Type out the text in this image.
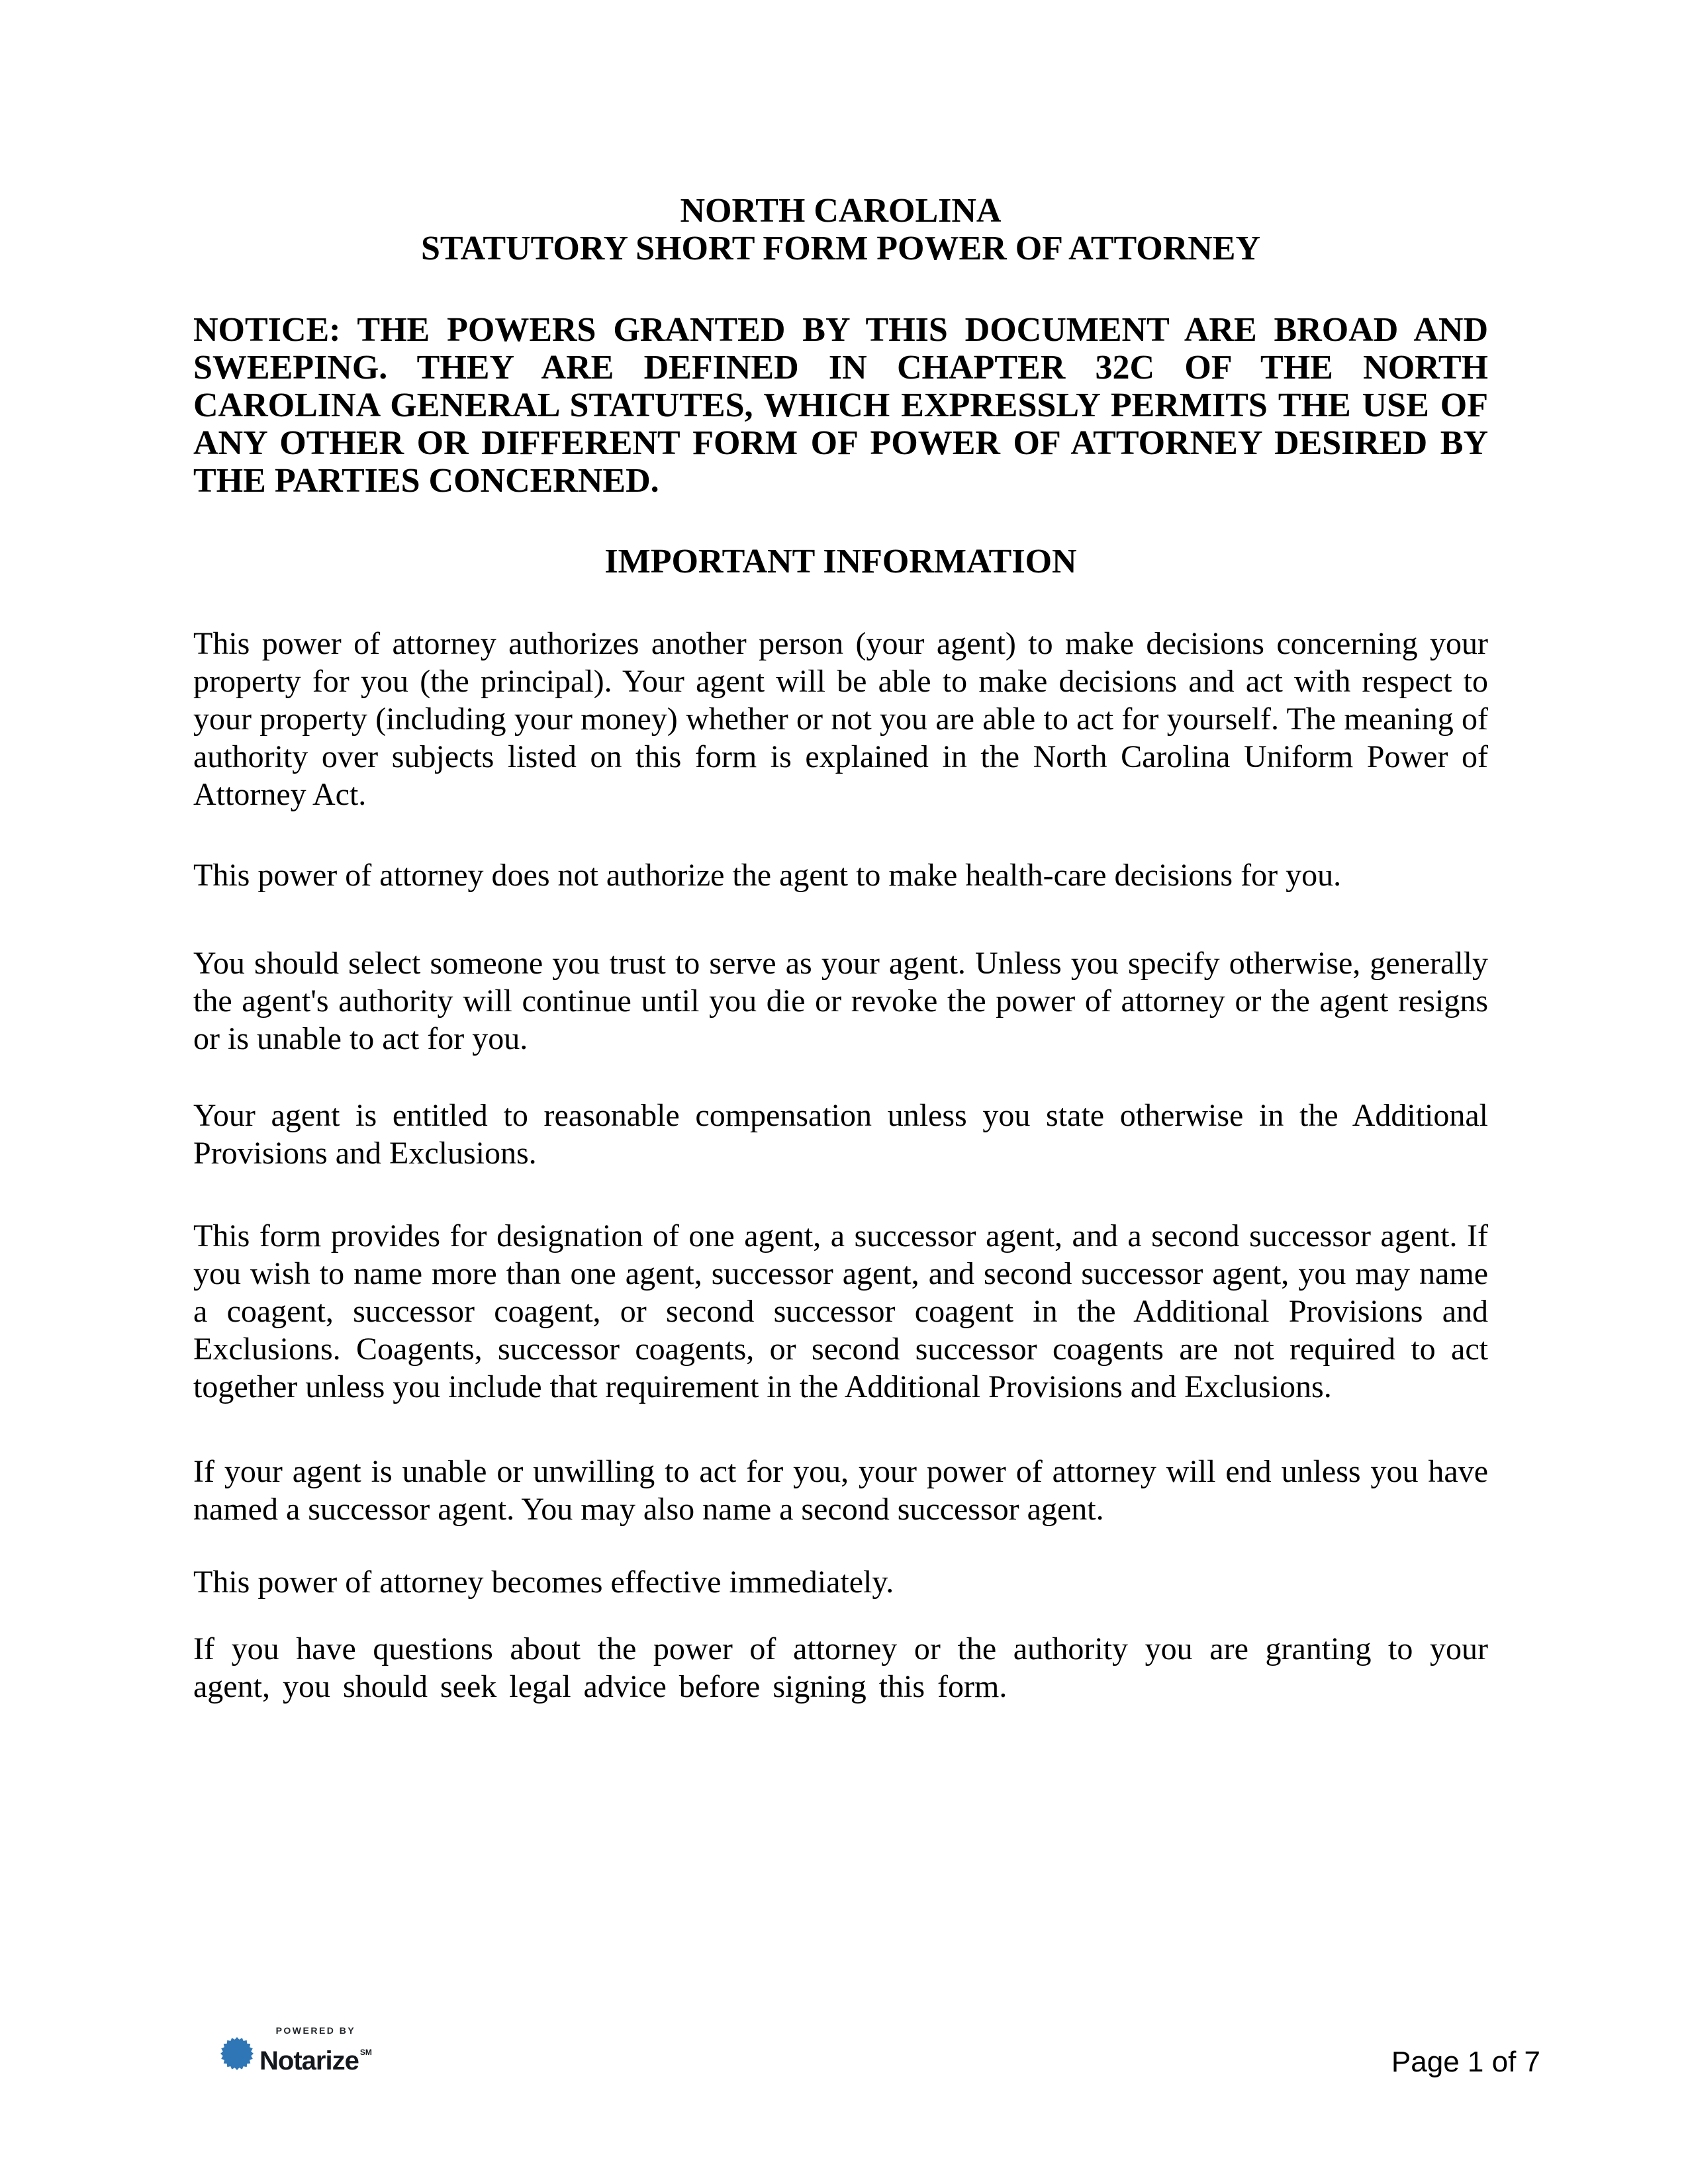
NORTH CAROLINA
STATUTORY SHORT FORM POWER OF ATTORNEY

NOTICE: THE POWERS GRANTED BY THIS DOCUMENT ARE BROAD AND SWEEPING. THEY ARE DEFINED IN CHAPTER 32C OF THE NORTH CAROLINA GENERAL STATUTES, WHICH EXPRESSLY PERMITS THE USE OF ANY OTHER OR DIFFERENT FORM OF POWER OF ATTORNEY DESIRED BY THE PARTIES CONCERNED.

IMPORTANT INFORMATION

This power of attorney authorizes another person (your agent) to make decisions concerning your property for you (the principal). Your agent will be able to make decisions and act with respect to your property (including your money) whether or not you are able to act for yourself. The meaning of authority over subjects listed on this form is explained in the North Carolina Uniform Power of Attorney Act.

This power of attorney does not authorize the agent to make health-care decisions for you.

You should select someone you trust to serve as your agent. Unless you specify otherwise, generally the agent's authority will continue until you die or revoke the power of attorney or the agent resigns or is unable to act for you.

Your agent is entitled to reasonable compensation unless you state otherwise in the Additional Provisions and Exclusions.

This form provides for designation of one agent, a successor agent, and a second successor agent. If you wish to name more than one agent, successor agent, and second successor agent, you may name a coagent, successor coagent, or second successor coagent in the Additional Provisions and Exclusions. Coagents, successor coagents, or second successor coagents are not required to act together unless you include that requirement in the Additional Provisions and Exclusions.

If your agent is unable or unwilling to act for you, your power of attorney will end unless you have named a successor agent. You may also name a second successor agent.

This power of attorney becomes effective immediately.

If you have questions about the power of attorney or the authority you are granting to your agent, you should seek legal advice before signing this form.

POWERED BY
Notarize ℠	Page 1 of 7
